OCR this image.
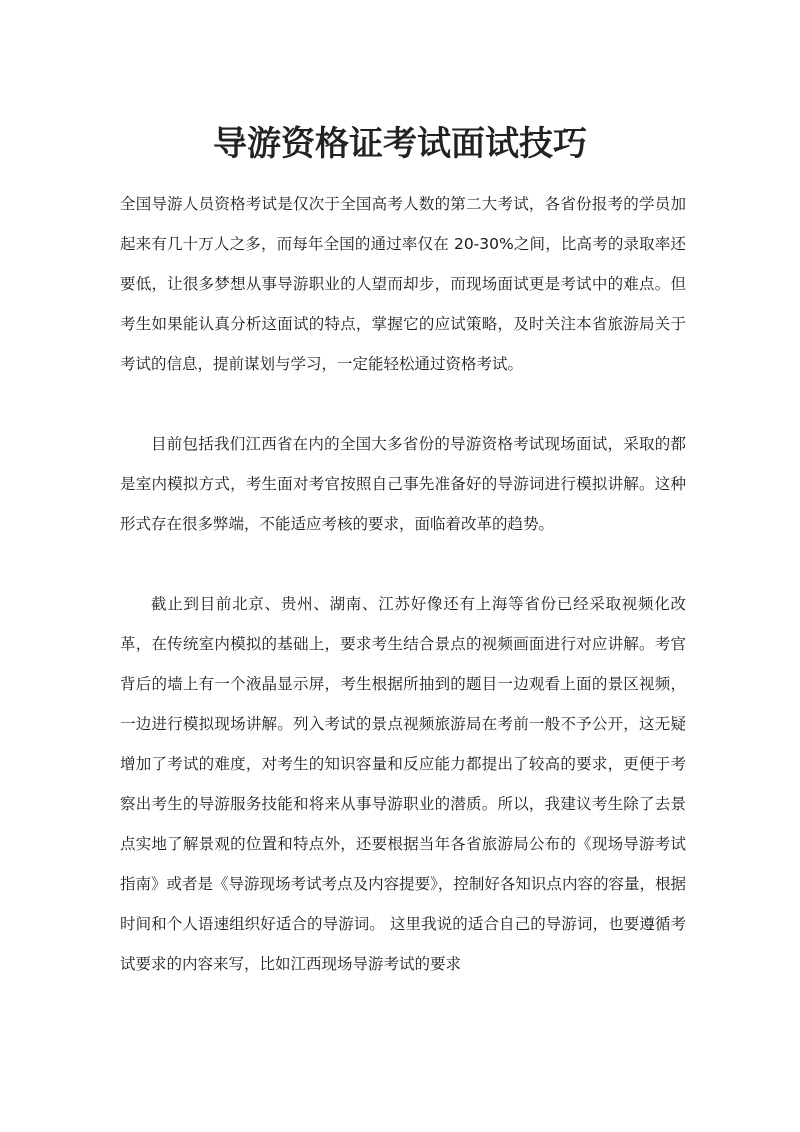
导游资格证考试面试技巧

全国导游人员资格考试是仅次于全国高考人数的第二大考试，各省份报考的学员加起来有几十万人之多，而每年全国的通过率仅在 20-30%之间，比高考的录取率还要低，让很多梦想从事导游职业的人望而却步，而现场面试更是考试中的难点。但考生如果能认真分析这面试的特点，掌握它的应试策略，及时关注本省旅游局关于考试的信息，提前谋划与学习，一定能轻松通过资格考试。

目前包括我们江西省在内的全国大多省份的导游资格考试现场面试，采取的都是室内模拟方式，考生面对考官按照自己事先准备好的导游词进行模拟讲解。这种形式存在很多弊端，不能适应考核的要求，面临着改革的趋势。

截止到目前北京、贵州、湖南、江苏好像还有上海等省份已经采取视频化改革，在传统室内模拟的基础上，要求考生结合景点的视频画面进行对应讲解。考官背后的墙上有一个液晶显示屏，考生根据所抽到的题目一边观看上面的景区视频，一边进行模拟现场讲解。列入考试的景点视频旅游局在考前一般不予公开，这无疑增加了考试的难度，对考生的知识容量和反应能力都提出了较高的要求，更便于考察出考生的导游服务技能和将来从事导游职业的潜质。所以，我建议考生除了去景点实地了解景观的位置和特点外，还要根据当年各省旅游局公布的《现场导游考试指南》或者是《导游现场考试考点及内容提要》，控制好各知识点内容的容量，根据时间和个人语速组织好适合的导游词。 这里我说的适合自己的导游词，也要遵循考试要求的内容来写，比如江西现场导游考试的要求
